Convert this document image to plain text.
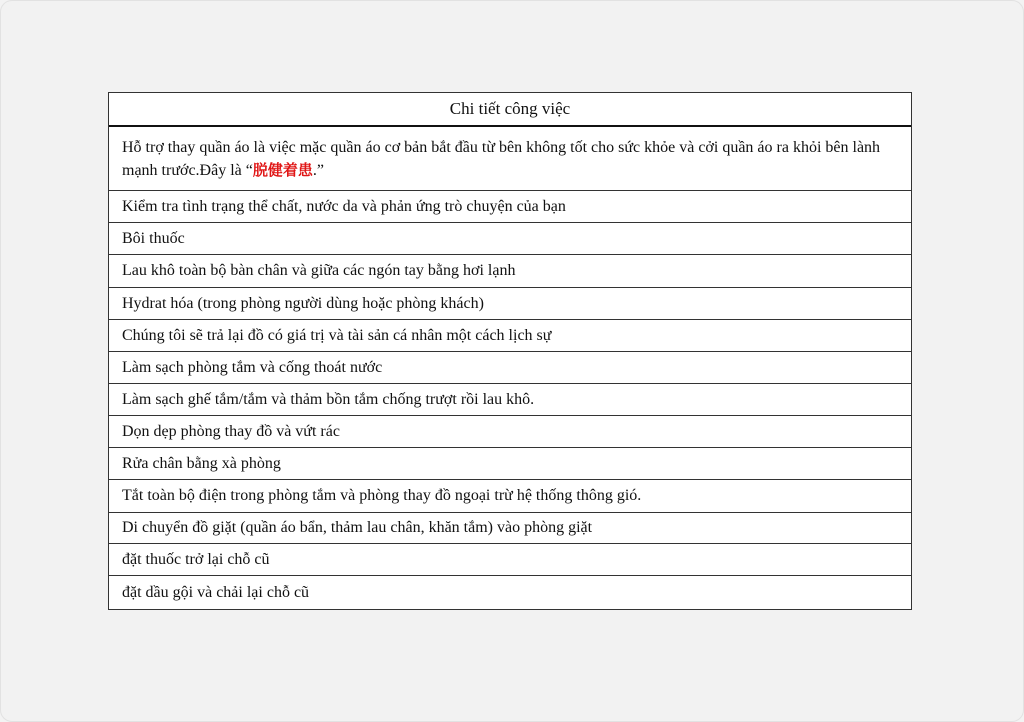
Chi tiết công việc
Hỗ trợ thay quần áo là việc mặc quần áo cơ bản bắt đầu từ bên không tốt cho sức khỏe và cởi quần áo ra khỏi bên lành mạnh trước.Đây là “脱健着患.”
Kiểm tra tình trạng thể chất, nước da và phản ứng trò chuyện của bạn
Bôi thuốc
Lau khô toàn bộ bàn chân và giữa các ngón tay bằng hơi lạnh
Hydrat hóa (trong phòng người dùng hoặc phòng khách)
Chúng tôi sẽ trả lại đồ có giá trị và tài sản cá nhân một cách lịch sự
Làm sạch phòng tắm và cống thoát nước
Làm sạch ghế tắm/tắm và thảm bồn tắm chống trượt rồi lau khô.
Dọn dẹp phòng thay đồ và vứt rác
Rửa chân bằng xà phòng
Tắt toàn bộ điện trong phòng tắm và phòng thay đồ ngoại trừ hệ thống thông gió.
Di chuyển đồ giặt (quần áo bẩn, thảm lau chân, khăn tắm) vào phòng giặt
đặt thuốc trở lại chỗ cũ
đặt dầu gội và chải lại chỗ cũ
